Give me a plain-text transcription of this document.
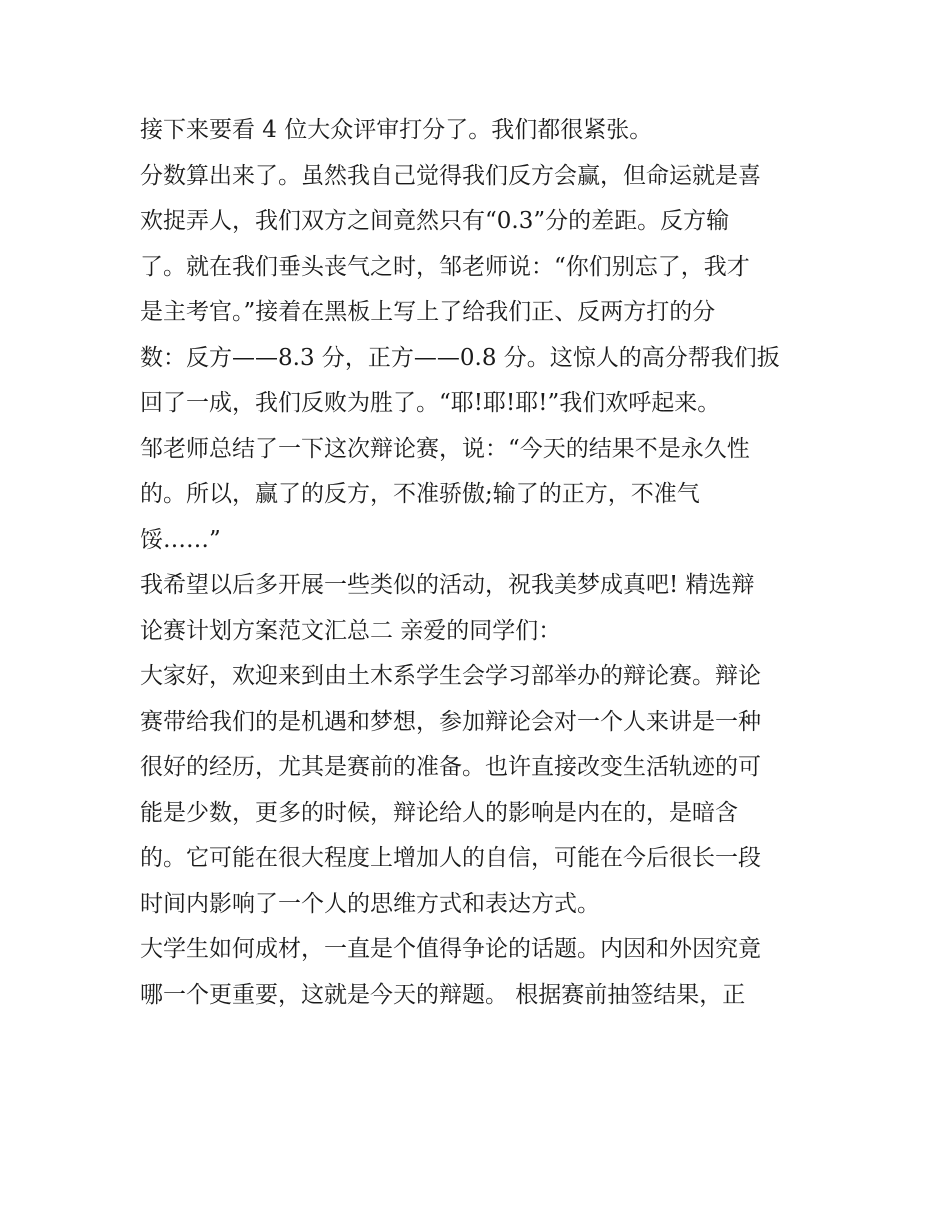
接下来要看 4 位大众评审打分了。我们都很紧张。
分数算出来了。虽然我自己觉得我们反方会赢，但命运就是喜
欢捉弄人，我们双方之间竟然只有“0.3”分的差距。反方输
了。就在我们垂头丧气之时，邹老师说：“你们别忘了，我才
是主考官。”接着在黑板上写上了给我们正、反两方打的分
数：反方——8.3 分，正方——0.8 分。这惊人的高分帮我们扳
回了一成，我们反败为胜了。“耶!耶!耶!”我们欢呼起来。
邹老师总结了一下这次辩论赛，说：“今天的结果不是永久性
的。所以，赢了的反方，不准骄傲;输了的正方，不准气
馁……”
我希望以后多开展一些类似的活动，祝我美梦成真吧! 精选辩
论赛计划方案范文汇总二 亲爱的同学们：
大家好，欢迎来到由土木系学生会学习部举办的辩论赛。辩论
赛带给我们的是机遇和梦想，参加辩论会对一个人来讲是一种
很好的经历，尤其是赛前的准备。也许直接改变生活轨迹的可
能是少数，更多的时候，辩论给人的影响是内在的，是暗含
的。它可能在很大程度上增加人的自信，可能在今后很长一段
时间内影响了一个人的思维方式和表达方式。
大学生如何成材，一直是个值得争论的话题。内因和外因究竟
哪一个更重要，这就是今天的辩题。 根据赛前抽签结果，正
